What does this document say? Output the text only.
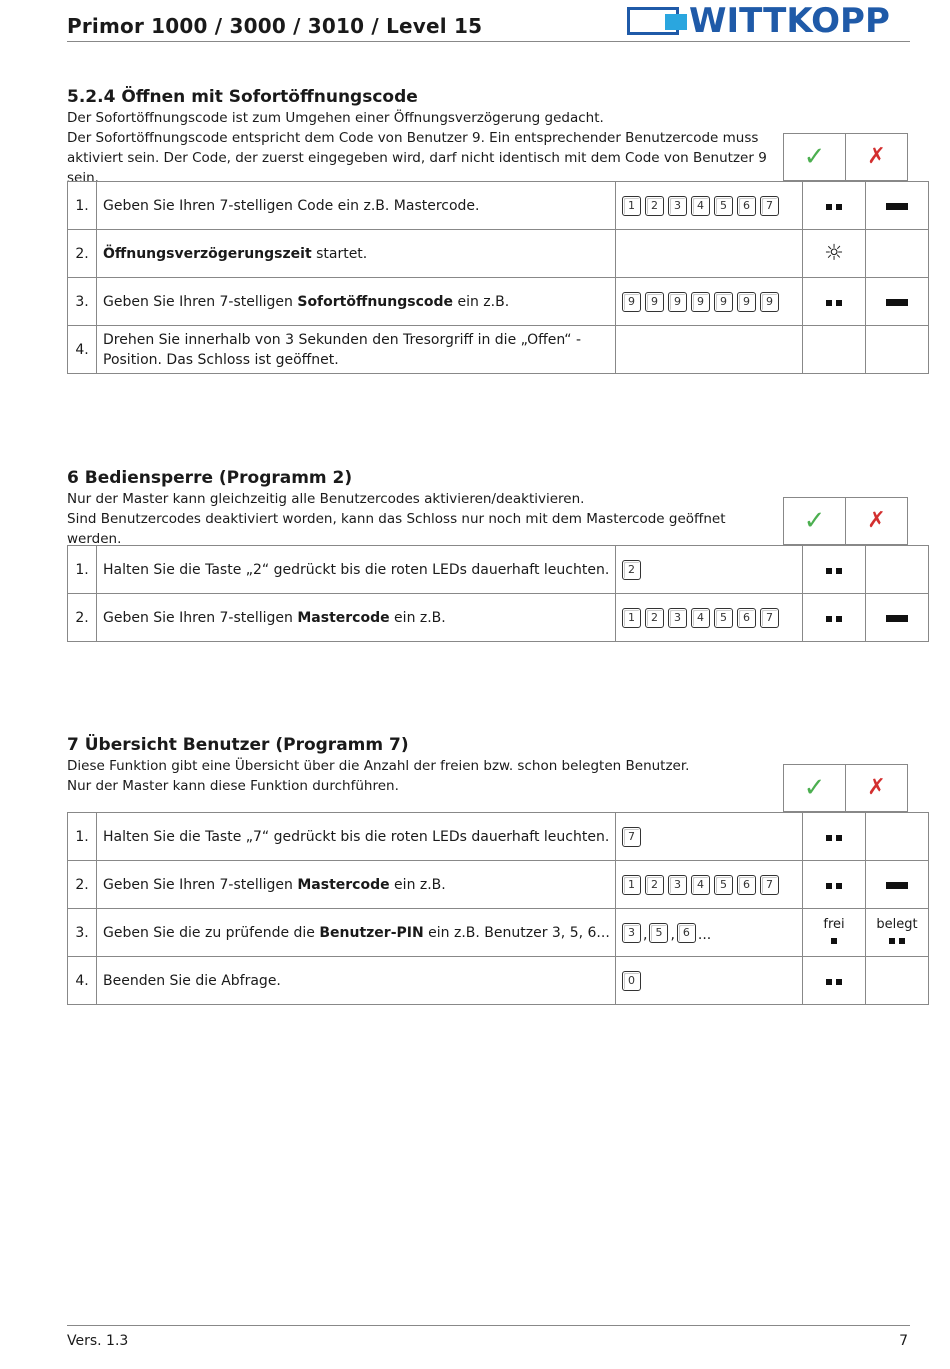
Primor 1000 / 3000 / 3010 / Level 15	WITTKOPP
5.2.4 Öffnen mit Sofortöffnungscode

Der Sofortöffnungscode ist zum Umgehen einer Öffnungsverzögerung gedacht.

Der Sofortöffnungscode entspricht dem Code von Benutzer 9. Ein entsprechender Benutzercode muss aktiviert sein. Der Code, der zuerst eingegeben wird, darf nicht identisch mit dem Code von Benutzer 9 sein.

✓ ✗
1.	Geben Sie Ihren 7-stelligen Code ein z.B. Mastercode.	1 2 3 4 5 6 7		
2.	Öffnungsverzögerungszeit startet.		☼	
3.	Geben Sie Ihren 7-stelligen Sofortöffnungscode ein z.B.	9 9 9 9 9 9 9		
4.	Drehen Sie innerhalb von 3 Sekunden den Tresorgriff in die „Offen“ - Position. Das Schloss ist geöffnet.			
6 Bediensperre (Programm 2)

Nur der Master kann gleichzeitig alle Benutzercodes aktivieren/deaktivieren.

Sind Benutzercodes deaktiviert worden, kann das Schloss nur noch mit dem Mastercode geöffnet werden.

✓ ✗
1.	Halten Sie die Taste „2“ gedrückt bis die roten LEDs dauerhaft leuchten.	2		
2.	Geben Sie Ihren 7-stelligen Mastercode ein z.B.	1 2 3 4 5 6 7		
7 Übersicht Benutzer (Programm 7)

Diese Funktion gibt eine Übersicht über die Anzahl der freien bzw. schon belegten Benutzer.

Nur der Master kann diese Funktion durchführen.	✓ ✗
1.	Halten Sie die Taste „7“ gedrückt bis die roten LEDs dauerhaft leuchten.	7		
2.	Geben Sie Ihren 7-stelligen Mastercode ein z.B.	1 2 3 4 5 6 7		
3.	Geben Sie die zu prüfende die Benutzer-PIN ein z.B. Benutzer 3, 5, 6...	3 , 5 , 6 ...	frei	belegt

4.	Beenden Sie die Abfrage.	0		
Vers. 1.3	7
